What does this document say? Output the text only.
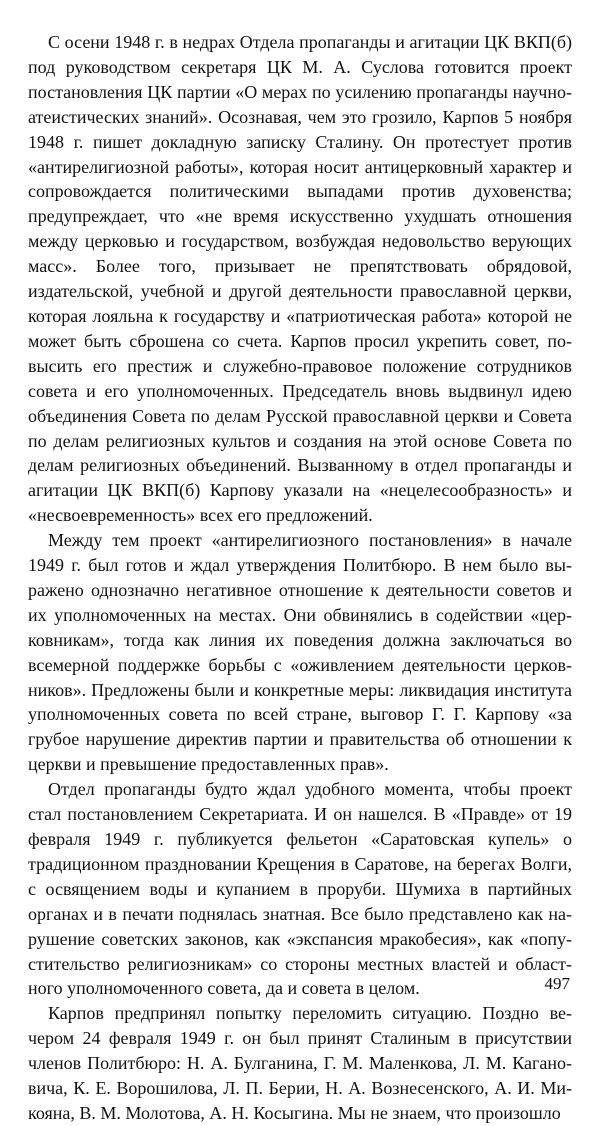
С осени 1948 г. в недрах Отдела пропаганды и агитации ЦК ВКП(б) под руководством секретаря ЦК М. А. Суслова готовится проект постановления ЦК партии «О мерах по усилению пропаганды научно-атеистических знаний». Осознавая, чем это грозило, Карпов 5 ноября 1948 г. пишет докладную записку Сталину. Он протестует против «антирелигиозной работы», которая носит антицерковный характер и сопровождается политическими выпадами против духовенства; предупреждает, что «не время искусственно ухудшать отношения между церковью и государством, возбуждая недовольство верующих масс». Более того, призывает не препятствовать обрядовой, издательской, учебной и другой деятельности православной церкви, которая лояльна к государству и «патриотическая работа» которой не может быть сброшена со счета. Карпов просил укрепить совет, повысить его престиж и служебно-правовое положение сотрудников совета и его уполномоченных. Председатель вновь выдвинул идею объединения Совета по делам Русской православной церкви и Совета по делам религиозных культов и создания на этой основе Совета по делам религиозных объединений. Вызванному в отдел пропаганды и агитации ЦК ВКП(б) Карпову указали на «нецелесообразность» и «несвоевременность» всех его предложений.

Между тем проект «антирелигиозного постановления» в начале 1949 г. был готов и ждал утверждения Политбюро. В нем было выражено однозначно негативное отношение к деятельности советов и их уполномоченных на местах. Они обвинялись в содействии «церковникам», тогда как линия их поведения должна заключаться во всемерной поддержке борьбы с «оживлением деятельности церковников». Предложены были и конкретные меры: ликвидация института уполномоченных совета по всей стране, выговор Г. Г. Карпову «за грубое нарушение директив партии и правительства об отношении к церкви и превышение предоставленных прав».

Отдел пропаганды будто ждал удобного момента, чтобы проект стал постановлением Секретариата. И он нашелся. В «Правде» от 19 февраля 1949 г. публикуется фельетон «Саратовская купель» о традиционном праздновании Крещения в Саратове, на берегах Волги, с освящением воды и купанием в проруби. Шумиха в партийных органах и в печати поднялась знатная. Все было представлено как нарушение советских законов, как «экспансия мракобесия», как «попустительство религиозникам» со стороны местных властей и областного уполномоченного совета, да и совета в целом.

Карпов предпринял попытку переломить ситуацию. Поздно вечером 24 февраля 1949 г. он был принят Сталиным в присутствии членов Политбюро: Н. А. Булганина, Г. М. Маленкова, Л. М. Кагановича, К. Е. Ворошилова, Л. П. Берии, Н. А. Вознесенского, А. И. Микояна, В. М. Молотова, А. Н. Косыгина. Мы не знаем, что произошло

497
